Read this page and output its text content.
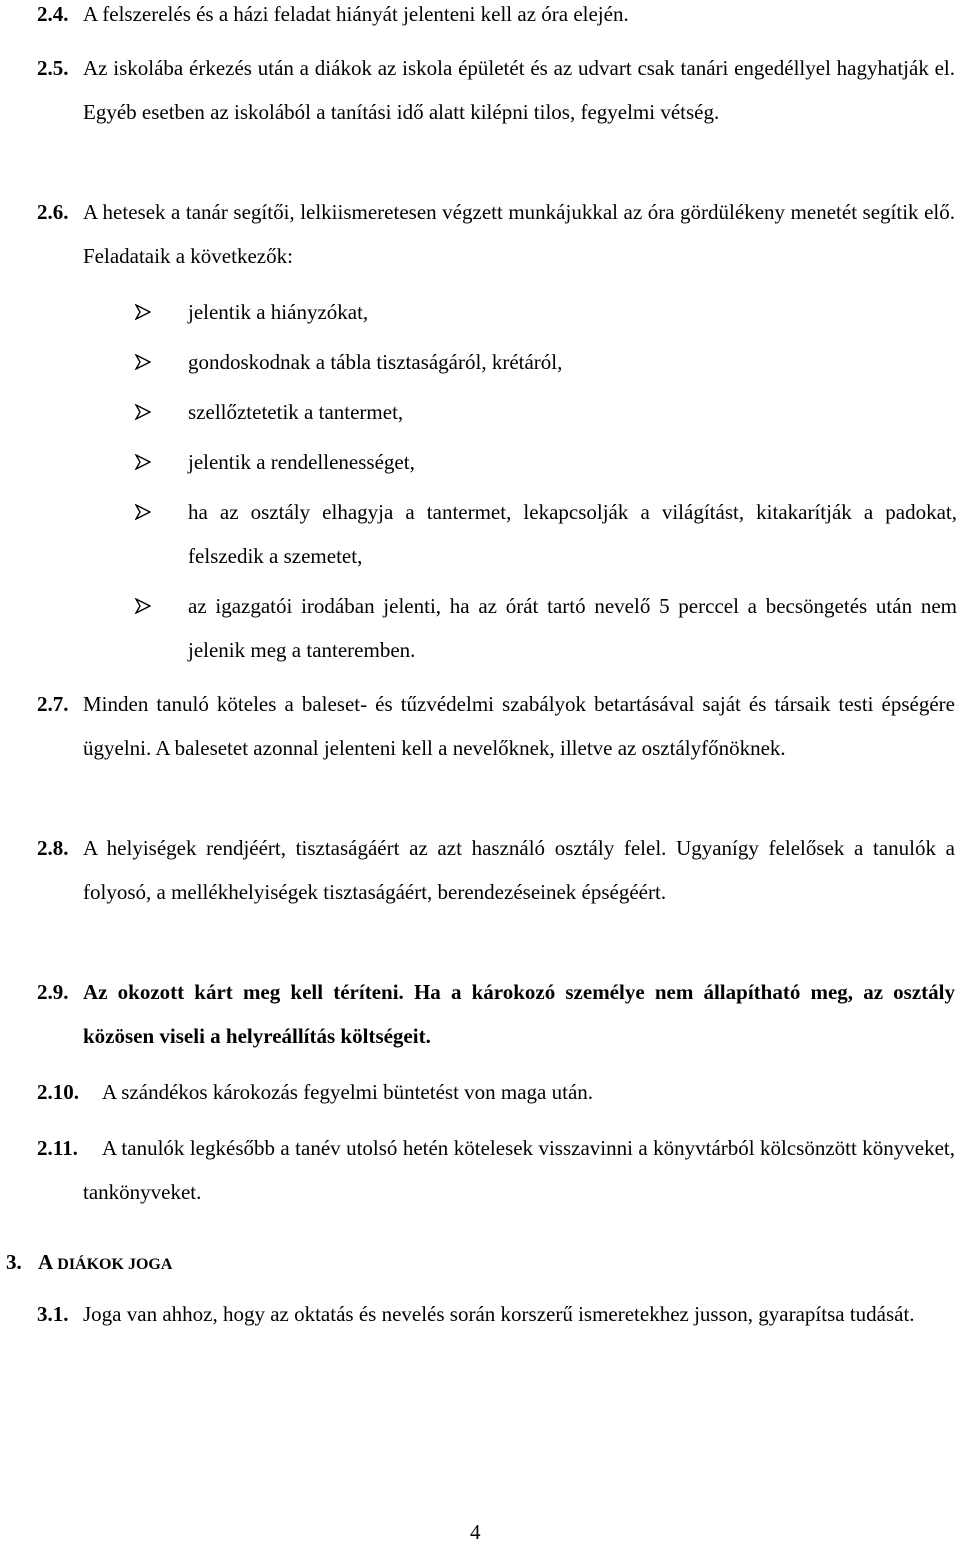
2.4. A felszerelés és a házi feladat hiányát jelenteni kell az óra elején.
2.5. Az iskolába érkezés után a diákok az iskola épületét és az udvart csak tanári engedéllyel hagyhatják el. Egyéb esetben az iskolából a tanítási idő alatt kilépni tilos, fegyelmi vétség.
2.6. A hetesek a tanár segítői, lelkiismeretesen végzett munkájukkal az óra gördülékeny menetét segítik elő. Feladataik a következők:
jelentik a hiányzókat,
gondoskodnak a tábla tisztaságáról, krétáról,
szellőztetetik a tantermet,
jelentik a rendellenességet,
ha az osztály elhagyja a tantermet, lekapcsolják a világítást, kitakarítják a padokat, felszedik a szemetet,
az igazgatói irodában jelenti, ha az órát tartó nevelő 5 perccel a becsöngetés után nem jelenik meg a tanteremben.
2.7. Minden tanuló köteles a baleset- és tűzvédelmi szabályok betartásával saját és társaik testi épségére ügyelni. A balesetet azonnal jelenteni kell a nevelőknek, illetve az osztályfőnöknek.
2.8. A helyiségek rendjéért, tisztaságáért az azt használó osztály felel. Ugyanígy felelősek a tanulók a folyosó, a mellékhelyiségek tisztaságáért, berendezéseinek épségéért.
2.9. Az okozott kárt meg kell téríteni. Ha a károkozó személye nem állapítható meg, az osztály közösen viseli a helyreállítás költségeit.
2.10. A szándékos károkozás fegyelmi büntetést von maga után.
2.11.	A tanulók legkésőbb a tanév utolsó hetén kötelesek visszavinni a könyvtárból kölcsönzött könyveket, tankönyveket.
3. A DIÁKOK JOGA
3.1. Joga van ahhoz, hogy az oktatás és nevelés során korszerű ismeretekhez jusson, gyarapítsa tudását.
4
